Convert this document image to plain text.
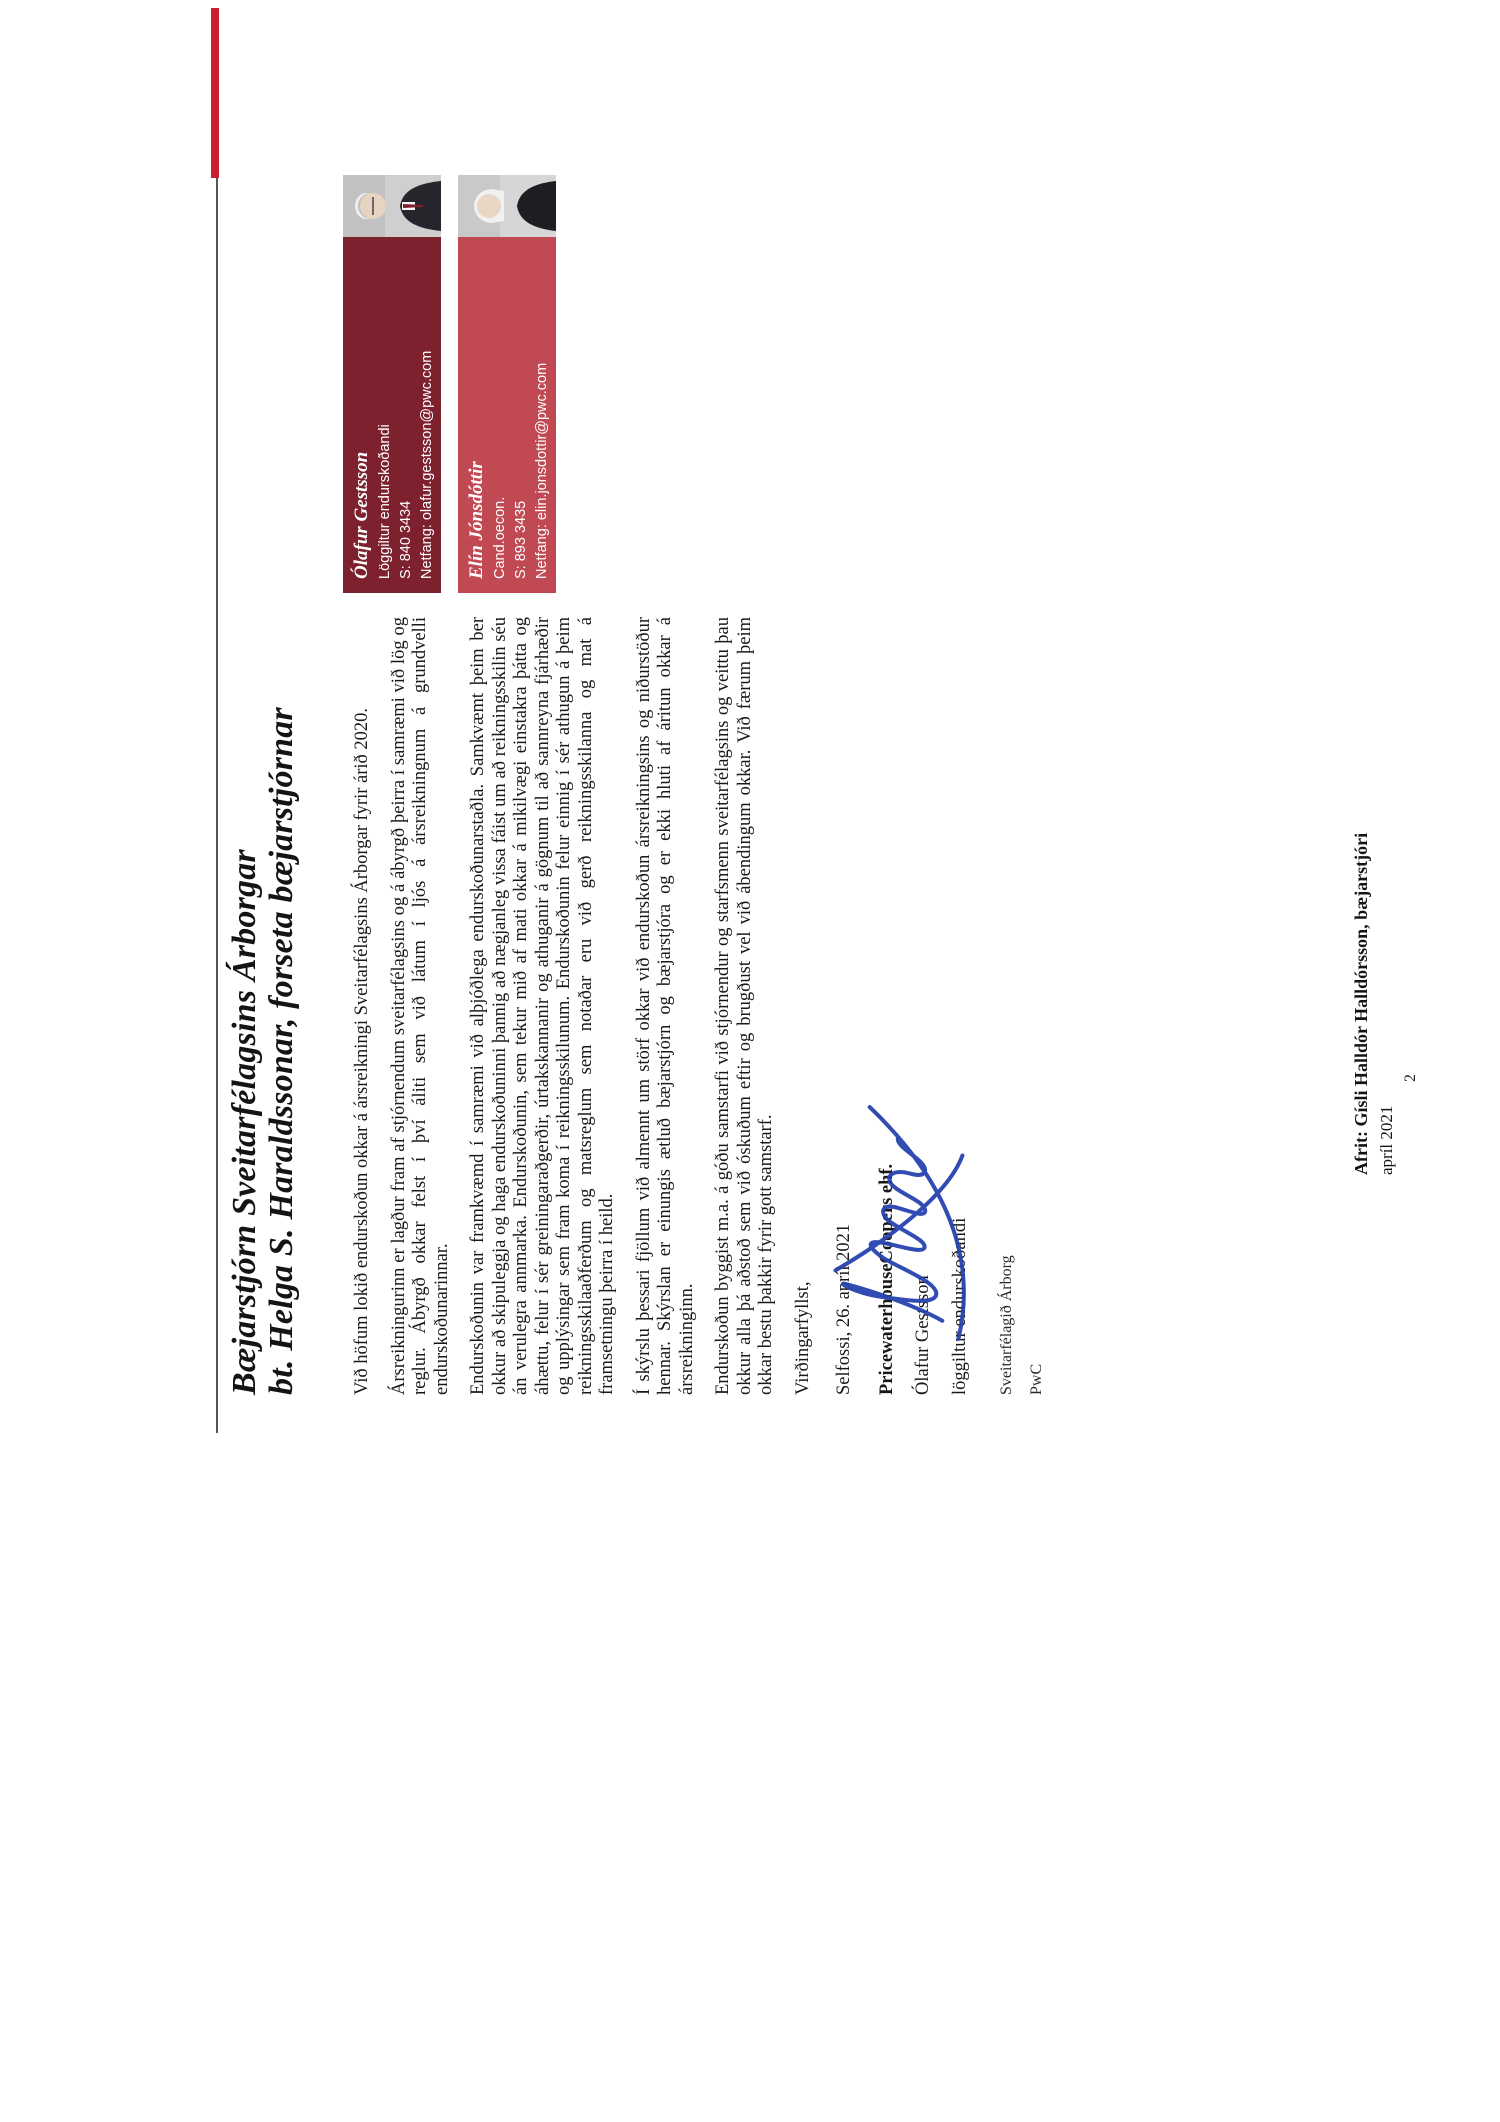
Bæjarstjórn Sveitarfélagsins Árborgar bt. Helga S. Haraldssonar, forseta bæjarstjórnar	Við höfum lokið endurskoðun okkar á ársreikningi Sveitarfélagsins Árborgar fyrir árið 2020. Ársreikningurinn er lagður fram af stjórnendum sveitarfélagsins og á ábyrgð þeirra í samræmi við lög og reglur. Ábyrgð okkar felst í því áliti sem við látum í ljós á ársreikningnum á grundvelli endurskoðunarinnar. Endurskoðunin var framkvæmd í samræmi við alþjóðlega endurskoðunarstaðla. Samkvæmt þeim ber okkur að skipuleggja og haga endurskoðuninni þannig að nægjanleg vissa fáist um að reikningsskilin séu án verulegra annmarka. Endurskoðunin, sem tekur mið af mati okkar á mikilvægi einstakra þátta og áhættu, felur í sér greiningaraðgerðir, úrtakskannanir og athuganir á gögnum til að sannreyna fjárhæðir og upplýsingar sem fram koma í reikningsskilunum. Endurskoðunin felur einnig í sér athugun á þeim reikningsskilaaðferðum og matsreglum sem notaðar eru við gerð reikningsskilanna og mat á framsetningu þeirra í heild. Í skýrslu þessari fjöllum við almennt um störf okkar við endurskoðun ársreikningsins og niðurstöður hennar. Skýrslan er einungis ætluð bæjarstjórn og bæjarstjóra og er ekki hluti af áritun okkar á ársreikninginn. Endurskoðun byggist m.a. á góðu samstarfi við stjórnendur og starfsmenn sveitarfélagsins og veittu þau okkur alla þá aðstoð sem við óskuðum eftir og brugðust vel við ábendingum okkar. Við færum þeim okkar bestu þakkir fyrir gott samstarf. Virðingarfyllst, Selfossi, 26. apríl 2021 PricewaterhouseCoopers ehf. Ólafur Gestsson löggiltur endurskoðandi Sveitarfélagið Árborg PwC

Ólafur Gestsson Löggiltur endurskoðandi S: 840 3434 Netfang: olafur.gestsson@pwc.com Elín Jónsdóttir Cand.oecon. S: 893 3435 Netfang: elin.jonsdottir@pwc.com
Afrit: Gísli Halldór Halldórsson, bæjarstjóri apríl 2021
2
